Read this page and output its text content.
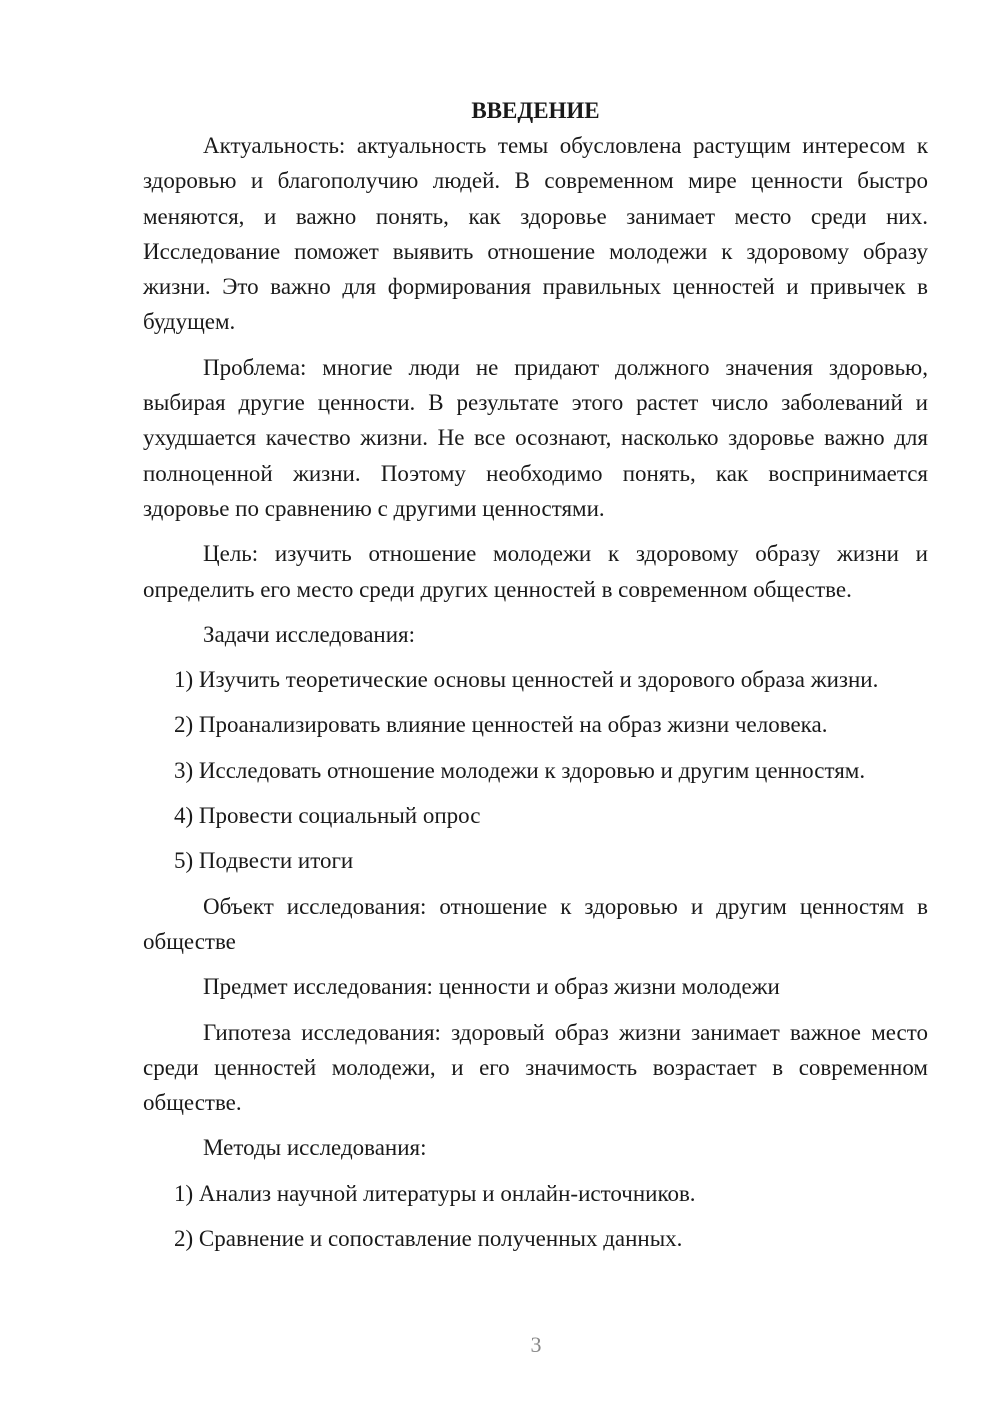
ВВЕДЕНИЕ

Актуальность: актуальность темы обусловлена растущим интересом к здоровью и благополучию людей. В современном мире ценности быстро меняются, и важно понять, как здоровье занимает место среди них. Исследование поможет выявить отношение молодежи к здоровому образу жизни. Это важно для формирования правильных ценностей и привычек в будущем.

Проблема: многие люди не придают должного значения здоровью, выбирая другие ценности. В результате этого растет число заболеваний и ухудшается качество жизни. Не все осознают, насколько здоровье важно для полноценной жизни. Поэтому необходимо понять, как воспринимается здоровье по сравнению с другими ценностями.

Цель: изучить отношение молодежи к здоровому образу жизни и определить его место среди других ценностей в современном обществе.

Задачи исследования:

1) Изучить теоретические основы ценностей и здорового образа жизни.

2) Проанализировать влияние ценностей на образ жизни человека.

3) Исследовать отношение молодежи к здоровью и другим ценностям.

4) Провести социальный опрос

5) Подвести итоги

Объект исследования: отношение к здоровью и другим ценностям в обществе

Предмет исследования: ценности и образ жизни молодежи

Гипотеза исследования: здоровый образ жизни занимает важное место среди ценностей молодежи, и его значимость возрастает в современном обществе.

Методы исследования:

1) Анализ научной литературы и онлайн-источников.

2) Сравнение и сопоставление полученных данных.

3
